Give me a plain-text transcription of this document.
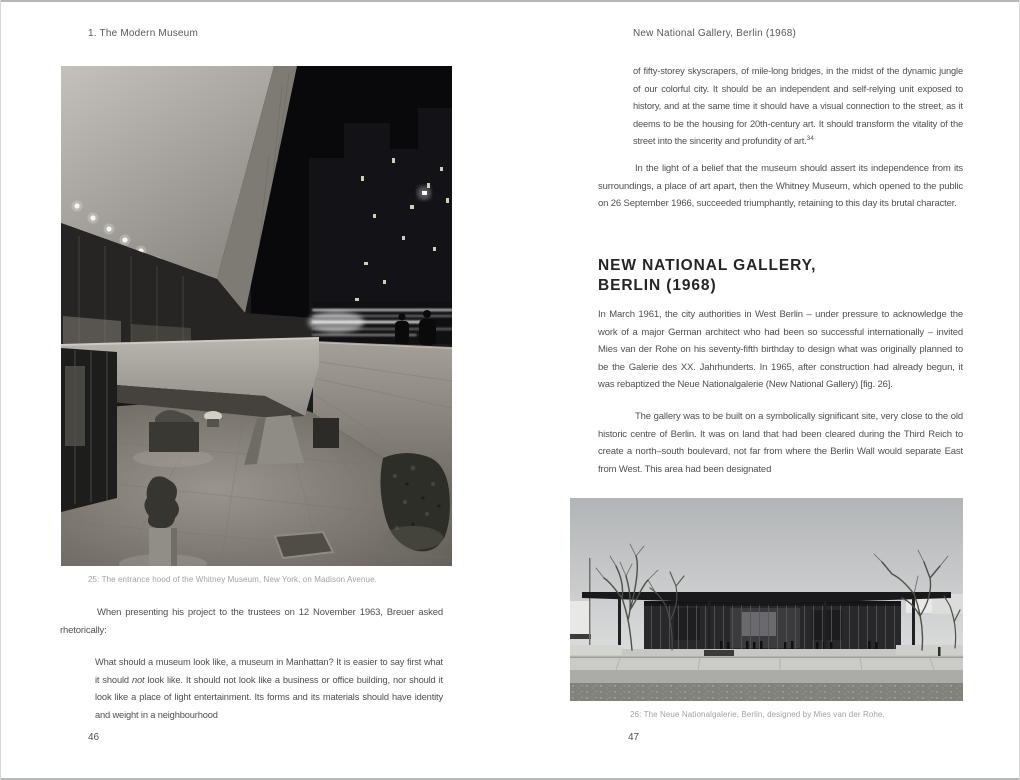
1. The Modern Museum
25: The entrance hood of the Whitney Museum, New York, on Madison Avenue.

When presenting his project to the trustees on 12 November 1963, Breuer asked rhetorically:

What should a museum look like, a museum in Manhattan? It is easier to say first what it should not look like. It should not look like a business or office building, nor should it look like a place of light entertainment. Its forms and its materials should have identity and weight in a neighbourhood
46
New National Gallery, Berlin (1968)
of fifty-storey skyscrapers, of mile-long bridges, in the midst of the dynamic jungle of our colorful city. It should be an independent and self-relying unit exposed to history, and at the same time it should have a visual connection to the street, as it deems to be the housing for 20th-century art. It should transform the vitality of the street into the sincerity and profundity of art.$^{34}$

In the light of a belief that the museum should assert its independence from its surroundings, a place of art apart, then the Whitney Museum, which opened to the public on 26 September 1966, succeeded triumphantly, retaining to this day its brutal character.

NEW NATIONAL GALLERY,
BERLIN (1968)

In March 1961, the city authorities in West Berlin – under pressure to acknowledge the work of a major German architect who had been so successful internationally – invited Mies van der Rohe on his seventy-fifth birthday to design what was originally planned to be the Galerie des XX. Jahrhunderts. In 1965, after construction had already begun, it was rebaptized the Neue Nationalgalerie (New National Gallery) [fig. 26].

The gallery was to be built on a symbolically significant site, very close to the old historic centre of Berlin. It was on land that had been cleared during the Third Reich to create a north–south boulevard, not far from where the Berlin Wall would separate East from West. This area had been designated

26: The Neue Nationalgalerie, Berlin, designed by Mies van der Rohe.
47
